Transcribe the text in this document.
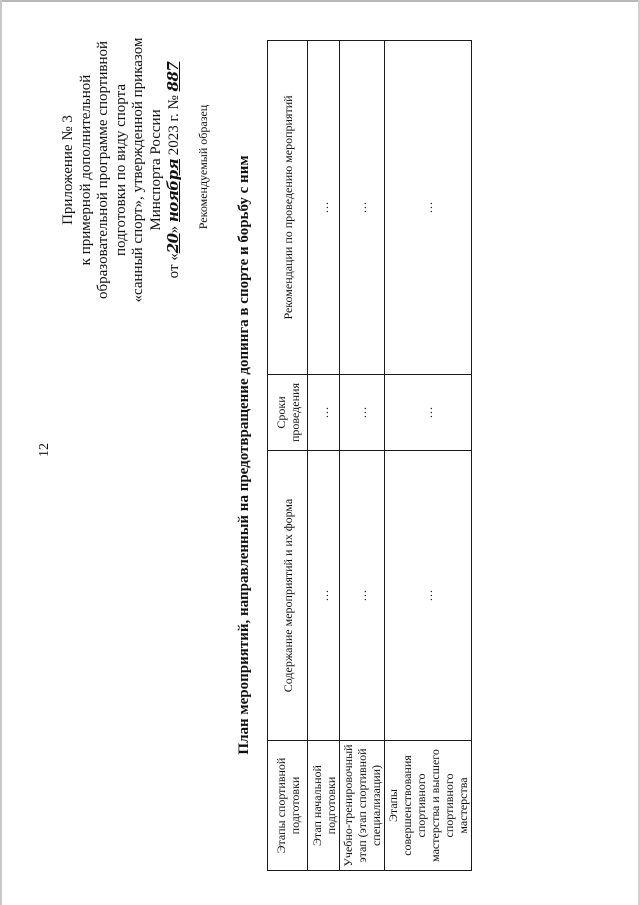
12
Приложение № 3 к примерной дополнительной образовательной программе спортивной подготовки по виду спорта «санный спорт», утвержденной приказом Минспорта России
от «20» ноября 2023 г. № 887
Рекомендуемый образец План мероприятий, направленный на предотвращение допинга в спорте и борьбу с ним
Этапы спортивной подготовки	Содержание мероприятий и их форма	Сроки проведения	Рекомендации по проведению мероприятий
Этап начальной подготовки	…	…	…
Учебно-тренировочный этап (этап спортивной специализации)	…	…	…
Этапы совершенствования спортивного мастерства и высшего спортивного мастерства	…	…	…
